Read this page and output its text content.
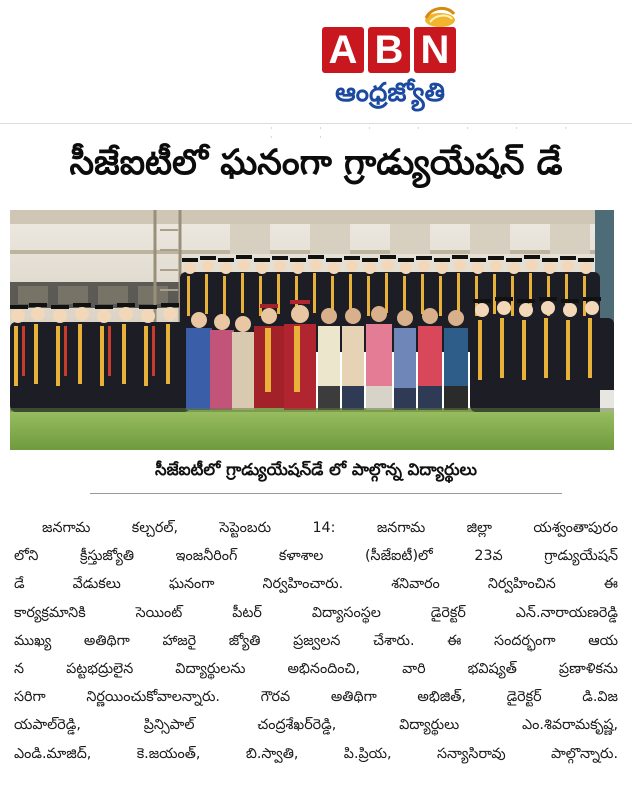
A B N
ఆంధ్రజ్యోతి
· · · · · · · · ·
సీజేఐటీలో ఘనంగా గ్రాడ్యుయేషన్ డే
సీజేఐటీలో గ్రాడ్యుయేషన్‌డే లో పాల్గొన్న విద్యార్థులు
జనగామ కల్చరల్, సెప్టెంబరు 14: జనగామ జిల్లా యశ్వంతాపురం
లోని క్రీస్తుజ్యోతి ఇంజనీరింగ్ కళాశాల (సీజేఐటీ)లో 23వ గ్రాడ్యుయేషన్
డే వేడుకలు ఘనంగా నిర్వహించారు. శనివారం నిర్వహించిన ఈ
కార్యక్రమానికి సెయింట్ పీటర్ విద్యాసంస్థల డైరెక్టర్ ఎన్.నారాయణరెడ్డి
ముఖ్య అతిథిగా హాజరై జ్యోతి ప్రజ్వలన చేశారు. ఈ సందర్భంగా ఆయ
న పట్టభద్రులైన విద్యార్థులను అభినందించి, వారి భవిష్యత్ ప్రణాళికను
సరిగా నిర్ణయించుకోవాలన్నారు. గౌరవ అతిథిగా అభిజిత్, డైరెక్టర్ డి.విజ
యపాల్‌రెడ్డి, ప్రిన్సిపాల్ చంద్రశేఖర్‌రెడ్డి, విద్యార్థులు ఎం.శివరామకృష్ణ,
ఎండి.మాజిద్, కె.జయంత్, బి.స్వాతి, పి.ప్రియ, సన్యాసిరావు పాల్గొన్నారు.
